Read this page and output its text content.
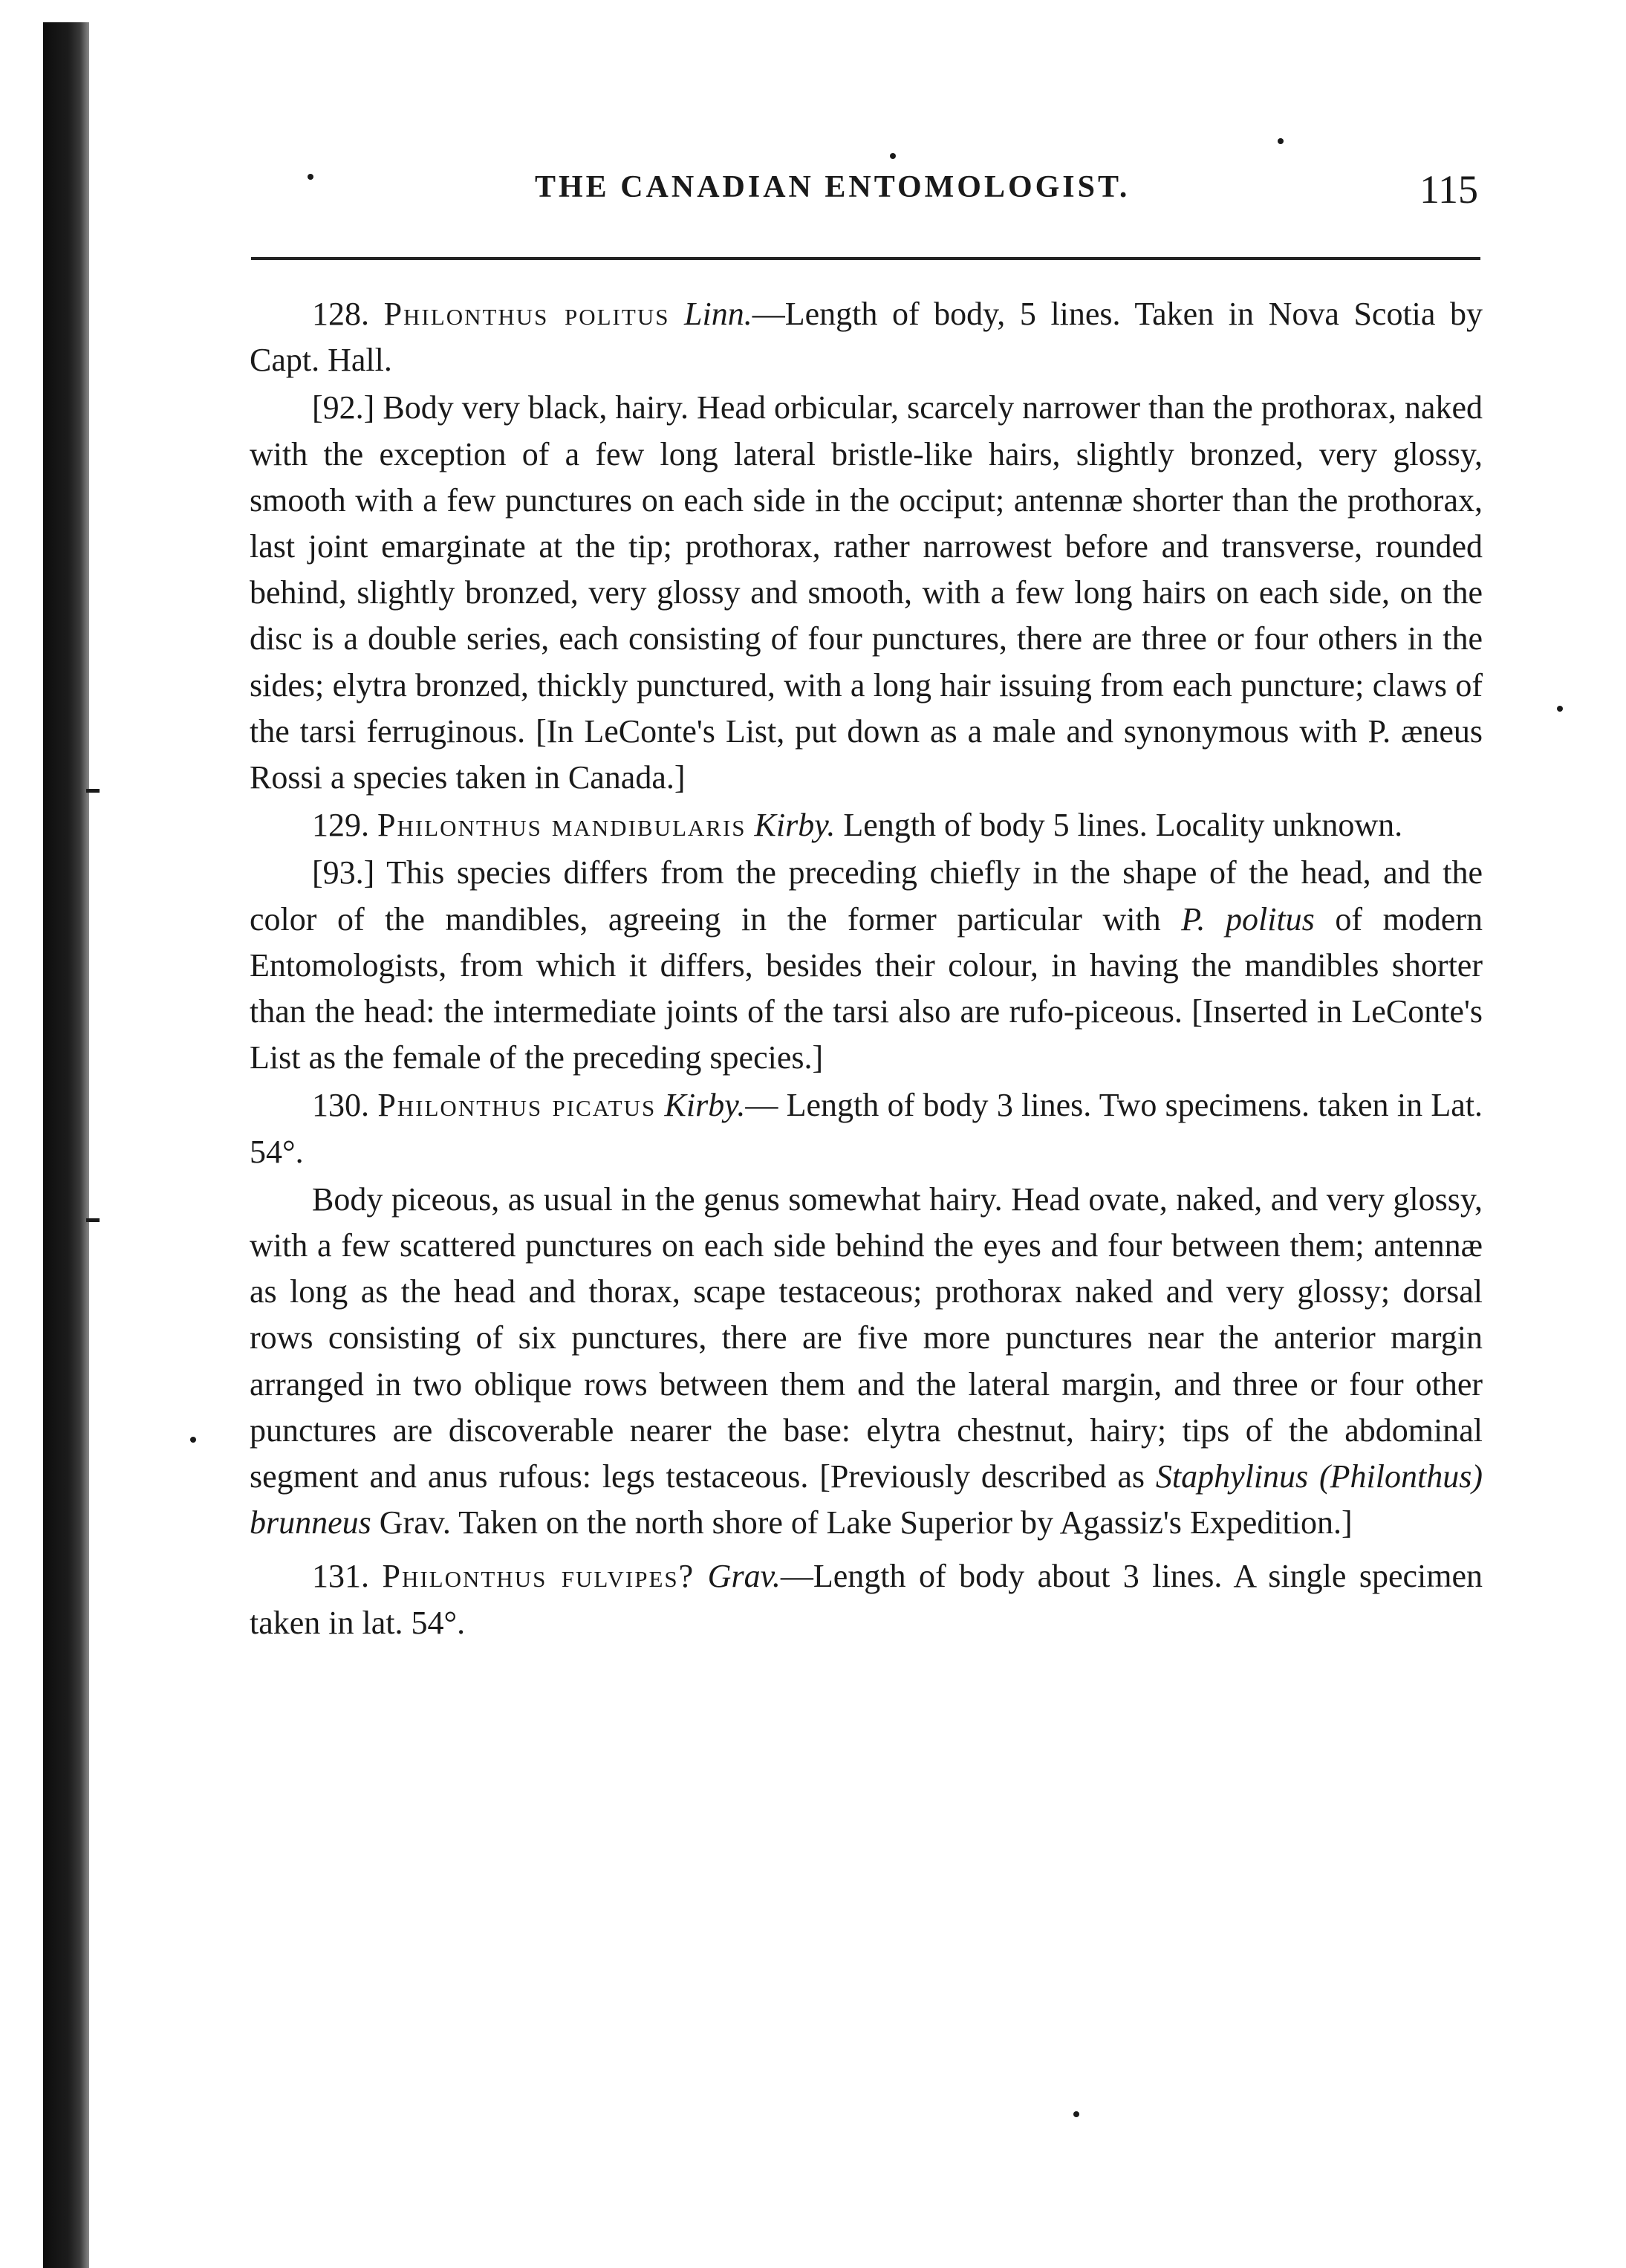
THE CANADIAN ENTOMOLOGIST.	115

128. Philonthus politus Linn.—Length of body, 5 lines. Taken in Nova Scotia by Capt. Hall.

[92.] Body very black, hairy. Head orbicular, scarcely narrower than the prothorax, naked with the exception of a few long lateral bristle-like hairs, slightly bronzed, very glossy, smooth with a few punctures on each side in the occiput; antennæ shorter than the prothorax, last joint emarginate at the tip; prothorax, rather narrowest before and transverse, rounded behind, slightly bronzed, very glossy and smooth, with a few long hairs on each side, on the disc is a double series, each consisting of four punctures, there are three or four others in the sides; elytra bronzed, thickly punctured, with a long hair issuing from each puncture; claws of the tarsi ferruginous. [In LeConte's List, put down as a male and synonymous with P. æneus Rossi a species taken in Canada.]

129. Philonthus mandibularis Kirby. Length of body 5 lines. Locality unknown.

[93.] This species differs from the preceding chiefly in the shape of the head, and the color of the mandibles, agreeing in the former particular with P. politus of modern Entomologists, from which it differs, besides their colour, in having the mandibles shorter than the head: the intermediate joints of the tarsi also are rufo-piceous. [Inserted in LeConte's List as the female of the preceding species.]

130. Philonthus picatus Kirby.— Length of body 3 lines. Two specimens. taken in Lat. 54°.

Body piceous, as usual in the genus somewhat hairy. Head ovate, naked, and very glossy, with a few scattered punctures on each side behind the eyes and four between them; antennæ as long as the head and thorax, scape testaceous; prothorax naked and very glossy; dorsal rows consisting of six punctures, there are five more punctures near the anterior margin arranged in two oblique rows between them and the lateral margin, and three or four other punctures are discoverable nearer the base: elytra chestnut, hairy; tips of the abdominal segment and anus rufous: legs testaceous. [Previously described as Staphylinus (Philonthus) brunneus Grav. Taken on the north shore of Lake Superior by Agassiz's Expedition.]

131. Philonthus fulvipes? Grav.—Length of body about 3 lines. A single specimen taken in lat. 54°.
